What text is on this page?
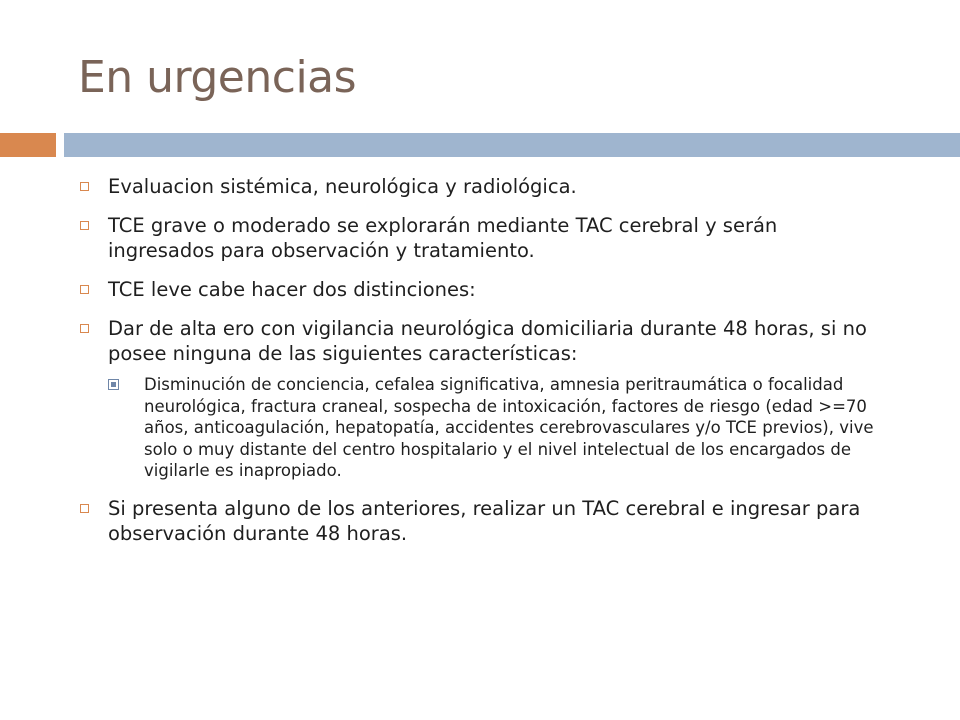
En urgencias
Evaluacion sistémica, neurológica y radiológica.
TCE grave o moderado se explorarán mediante TAC cerebral y serán ingresados para observación y tratamiento.
TCE leve cabe hacer dos distinciones:
Dar de alta ero con vigilancia neurológica domiciliaria durante 48 horas, si no posee ninguna de las siguientes características:
Disminución de conciencia, cefalea significativa, amnesia peritraumática o focalidad neurológica, fractura craneal, sospecha de intoxicación, factores de riesgo (edad >=70 años, anticoagulación, hepatopatía, accidentes cerebrovasculares y/o TCE previos), vive solo o muy distante del centro hospitalario y el nivel intelectual de los encargados de vigilarle es inapropiado.
Si presenta alguno de los anteriores, realizar un TAC cerebral e ingresar para observación durante 48 horas.
